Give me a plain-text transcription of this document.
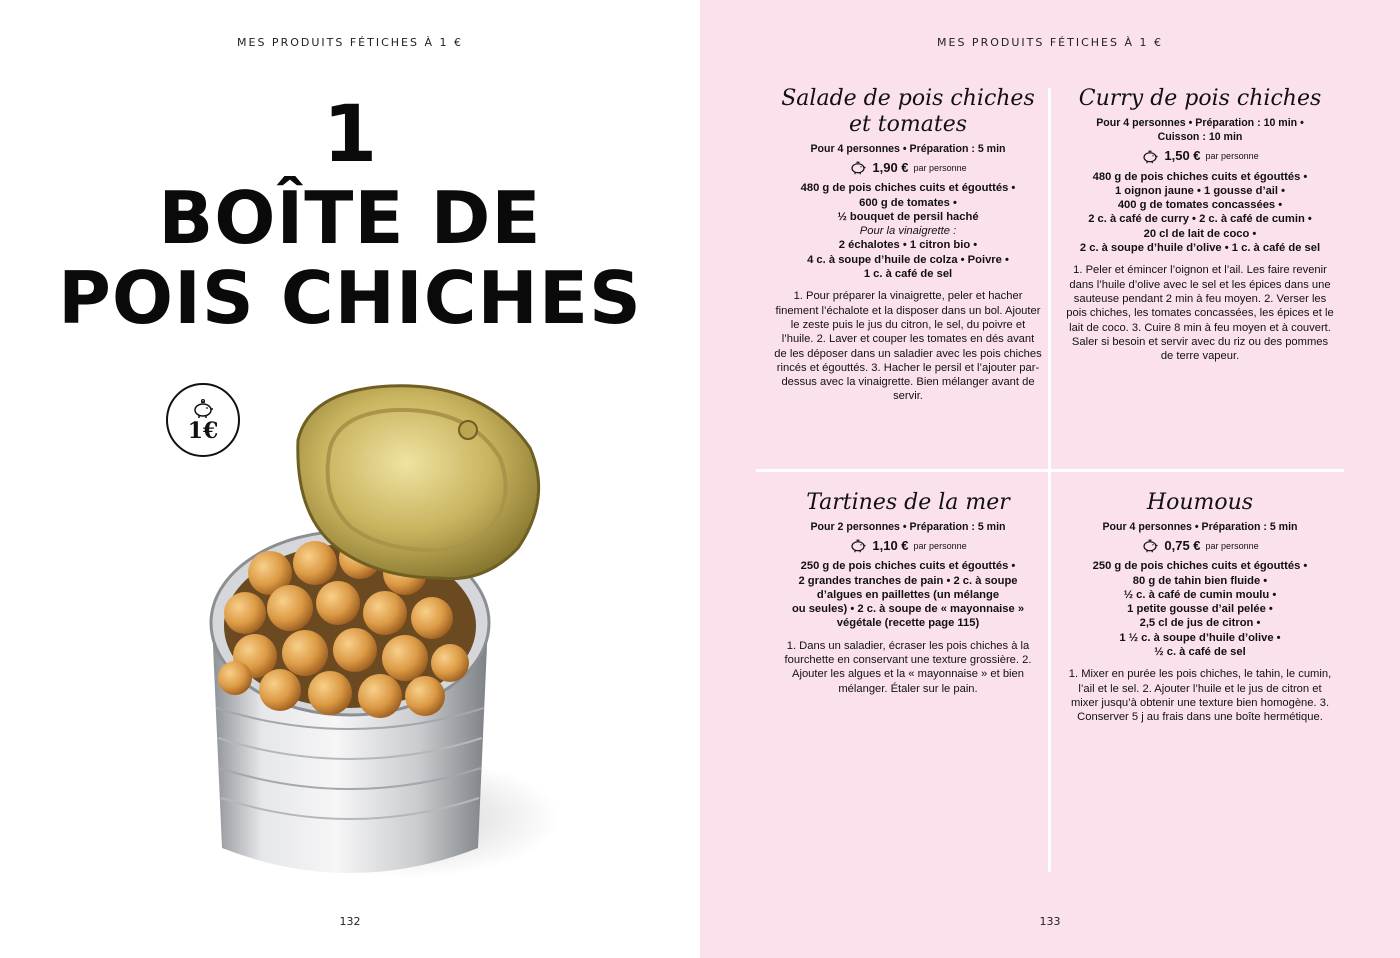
MES PRODUITS FÉTICHES À 1 €
1
BOÎTE DE
POIS CHICHES
1€
132
MES PRODUITS FÉTICHES À 1 €
Salade de pois chiches
et tomates
Pour 4 personnes • Préparation : 5 min
1,90 € par personne
480 g de pois chiches cuits et égouttés •
600 g de tomates •
½ bouquet de persil haché
Pour la vinaigrette :
2 échalotes • 1 citron bio •
4 c. à soupe d’huile de colza • Poivre •
1 c. à café de sel
1. Pour préparer la vinaigrette, peler et hacher finement l’échalote et la disposer dans un bol. Ajouter le zeste puis le jus du citron, le sel, du poivre et l’huile. 2. Laver et couper les tomates en dés avant de les déposer dans un saladier avec les pois chiches rincés et égouttés. 3. Hacher le persil et l’ajouter par-dessus avec la vinaigrette. Bien mélanger avant de servir.
Curry de pois chiches
Pour 4 personnes • Préparation : 10 min •
Cuisson : 10 min
1,50 € par personne
480 g de pois chiches cuits et égouttés •
1 oignon jaune • 1 gousse d’ail •
400 g de tomates concassées •
2 c. à café de curry • 2 c. à café de cumin •
20 cl de lait de coco •
2 c. à soupe d’huile d’olive • 1 c. à café de sel
1. Peler et émincer l’oignon et l’ail. Les faire revenir dans l’huile d’olive avec le sel et les épices dans une sauteuse pendant 2 min à feu moyen. 2. Verser les pois chiches, les tomates concassées, les épices et le lait de coco. 3. Cuire 8 min à feu moyen et à couvert. Saler si besoin et servir avec du riz ou des pommes de terre vapeur.
Tartines de la mer
Pour 2 personnes • Préparation : 5 min
1,10 € par personne
250 g de pois chiches cuits et égouttés •
2 grandes tranches de pain • 2 c. à soupe
d’algues en paillettes (un mélange
ou seules) • 2 c. à soupe de « mayonnaise »
végétale (recette page 115)
1. Dans un saladier, écraser les pois chiches à la fourchette en conservant une texture grossière. 2. Ajouter les algues et la « mayonnaise » et bien mélanger. Étaler sur le pain.
Houmous
Pour 4 personnes • Préparation : 5 min
0,75 € par personne
250 g de pois chiches cuits et égouttés •
80 g de tahin bien fluide •
½ c. à café de cumin moulu •
1 petite gousse d’ail pelée •
2,5 cl de jus de citron •
1 ½ c. à soupe d’huile d’olive •
½ c. à café de sel
1. Mixer en purée les pois chiches, le tahin, le cumin, l’ail et le sel. 2. Ajouter l’huile et le jus de citron et mixer jusqu’à obtenir une texture bien homogène. 3. Conserver 5 j au frais dans une boîte hermétique.
133
